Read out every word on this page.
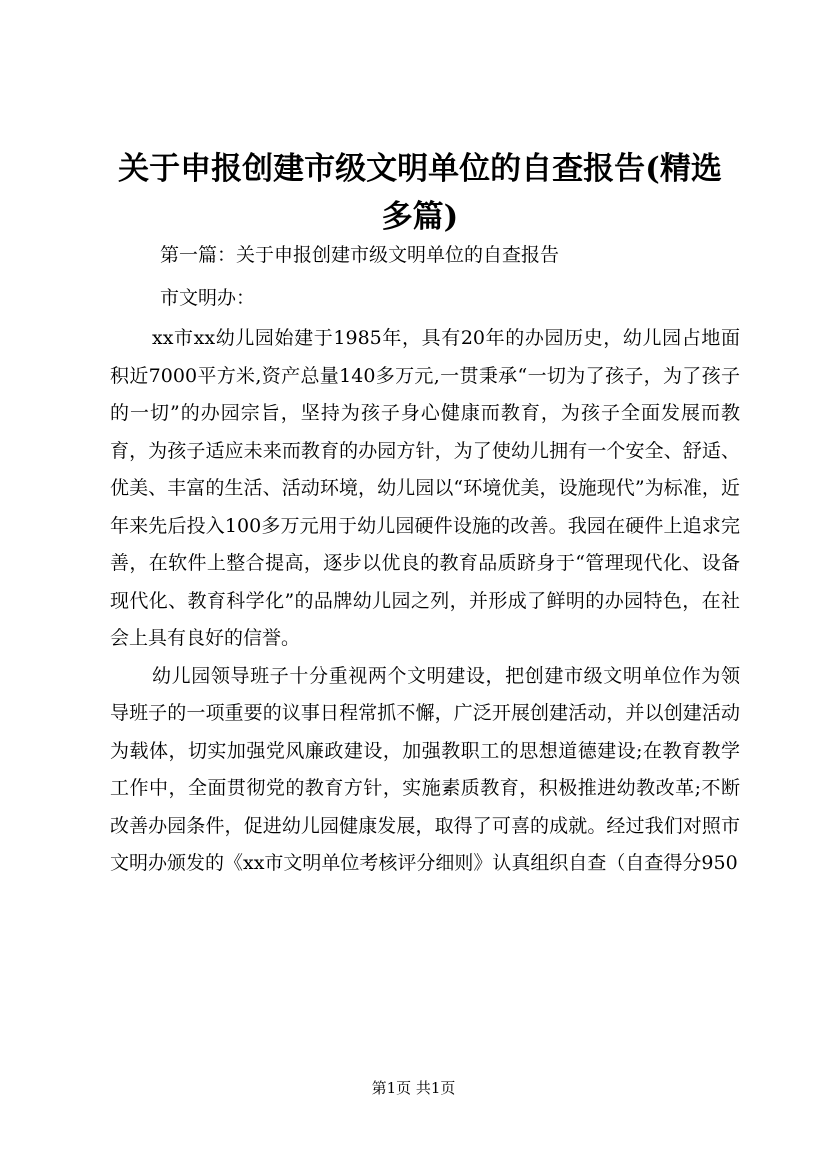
关于申报创建市级文明单位的自查报告(精选
多篇)
第一篇：关于申报创建市级文明单位的自查报告
市文明办：

xx市xx幼儿园始建于1985年，具有20年的办园历史，幼儿园占地面积近7000平方米,资产总量140多万元,一贯秉承“一切为了孩子，为了孩子的一切”的办园宗旨，坚持为孩子身心健康而教育，为孩子全面发展而教育，为孩子适应未来而教育的办园方针，为了使幼儿拥有一个安全、舒适、优美、丰富的生活、活动环境，幼儿园以“环境优美，设施现代”为标准，近年来先后投入100多万元用于幼儿园硬件设施的改善。我园在硬件上追求完善，在软件上整合提高，逐步以优良的教育品质跻身于“管理现代化、设备现代化、教育科学化”的品牌幼儿园之列，并形成了鲜明的办园特色，在社会上具有良好的信誉。

幼儿园领导班子十分重视两个文明建设，把创建市级文明单位作为领导班子的一项重要的议事日程常抓不懈，广泛开展创建活动，并以创建活动为载体，切实加强党风廉政建设，加强教职工的思想道德建设;在教育教学工作中，全面贯彻党的教育方针，实施素质教育，积极推进幼教改革;不断改善办园条件，促进幼儿园健康发展，取得了可喜的成就。经过我们对照市文明办颁发的《xx市文明单位考核评分细则》认真组织自查（自查得分950

第1页 共1页
